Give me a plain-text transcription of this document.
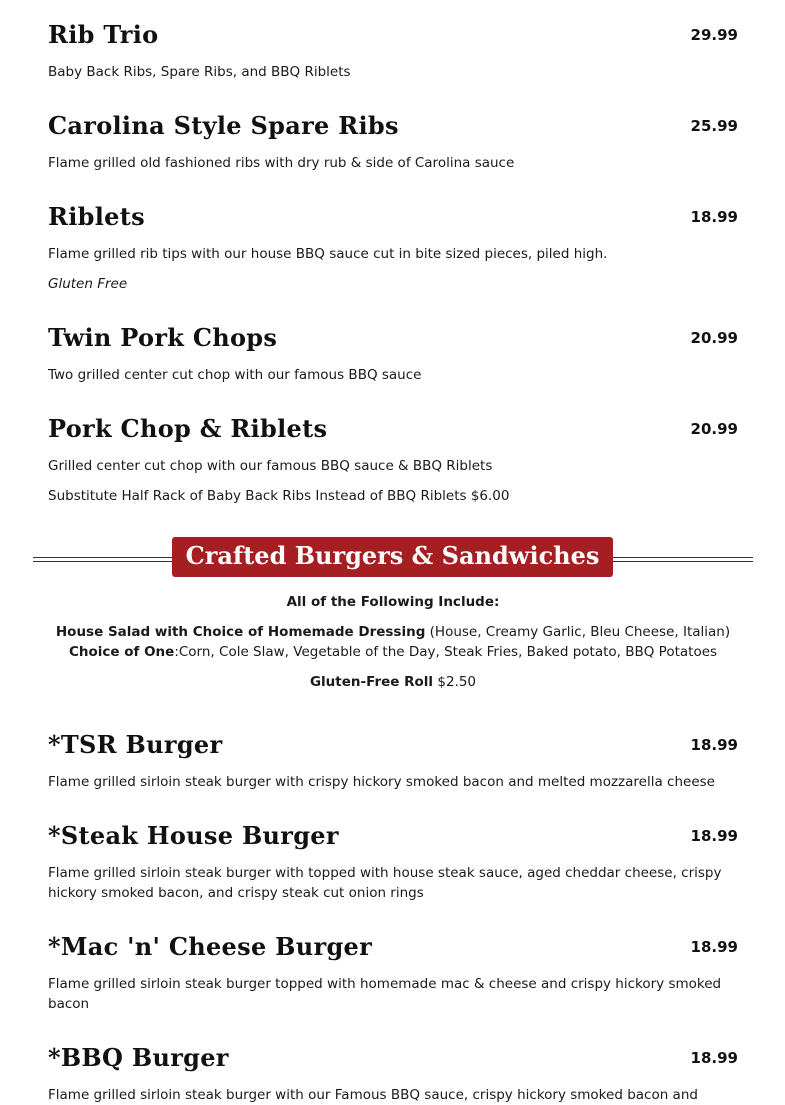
Rib Trio	29.99
Baby Back Ribs, Spare Ribs, and BBQ Riblets
Carolina Style Spare Ribs	25.99
Flame grilled old fashioned ribs with dry rub & side of Carolina sauce
Riblets	18.99
Flame grilled rib tips with our house BBQ sauce cut in bite sized pieces, piled high.
Gluten Free
Twin Pork Chops	20.99
Two grilled center cut chop with our famous BBQ sauce
Pork Chop & Riblets	20.99
Grilled center cut chop with our famous BBQ sauce & BBQ Riblets
Substitute Half Rack of Baby Back Ribs Instead of BBQ Riblets $6.00
Crafted Burgers & Sandwiches
All of the Following Include:
House Salad with Choice of Homemade Dressing (House, Creamy Garlic, Bleu Cheese, Italian)
Choice of One:Corn, Cole Slaw, Vegetable of the Day, Steak Fries, Baked potato, BBQ Potatoes
Gluten-Free Roll $2.50
*TSR Burger	18.99
Flame grilled sirloin steak burger with crispy hickory smoked bacon and melted mozzarella cheese
*Steak House Burger	18.99
Flame grilled sirloin steak burger with topped with house steak sauce, aged cheddar cheese, crispy hickory smoked bacon, and crispy steak cut onion rings
*Mac 'n' Cheese Burger	18.99
Flame grilled sirloin steak burger topped with homemade mac & cheese and crispy hickory smoked bacon
*BBQ Burger	18.99
Flame grilled sirloin steak burger with our Famous BBQ sauce, crispy hickory smoked bacon and
